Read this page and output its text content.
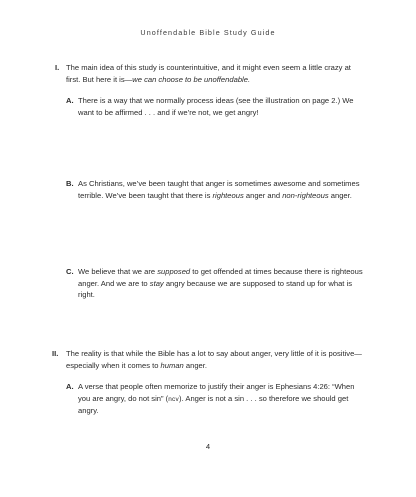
Unoffendable Bible Study Guide
I. The main idea of this study is counterintuitive, and it might even seem a little crazy at first. But here it is—we can choose to be unoffendable.
A. There is a way that we normally process ideas (see the illustration on page 2.) We want to be affirmed . . . and if we’re not, we get angry!
B. As Christians, we’ve been taught that anger is sometimes awesome and sometimes terrible. We’ve been taught that there is righteous anger and non-righteous anger.
C. We believe that we are supposed to get offended at times because there is righteous anger. And we are to stay angry because we are supposed to stand up for what is right.
II. The reality is that while the Bible has a lot to say about anger, very little of it is positive—especially when it comes to human anger.
A. A verse that people often memorize to justify their anger is Ephesians 4:26: “When you are angry, do not sin” (ncv). Anger is not a sin . . . so therefore we should get angry.
4
